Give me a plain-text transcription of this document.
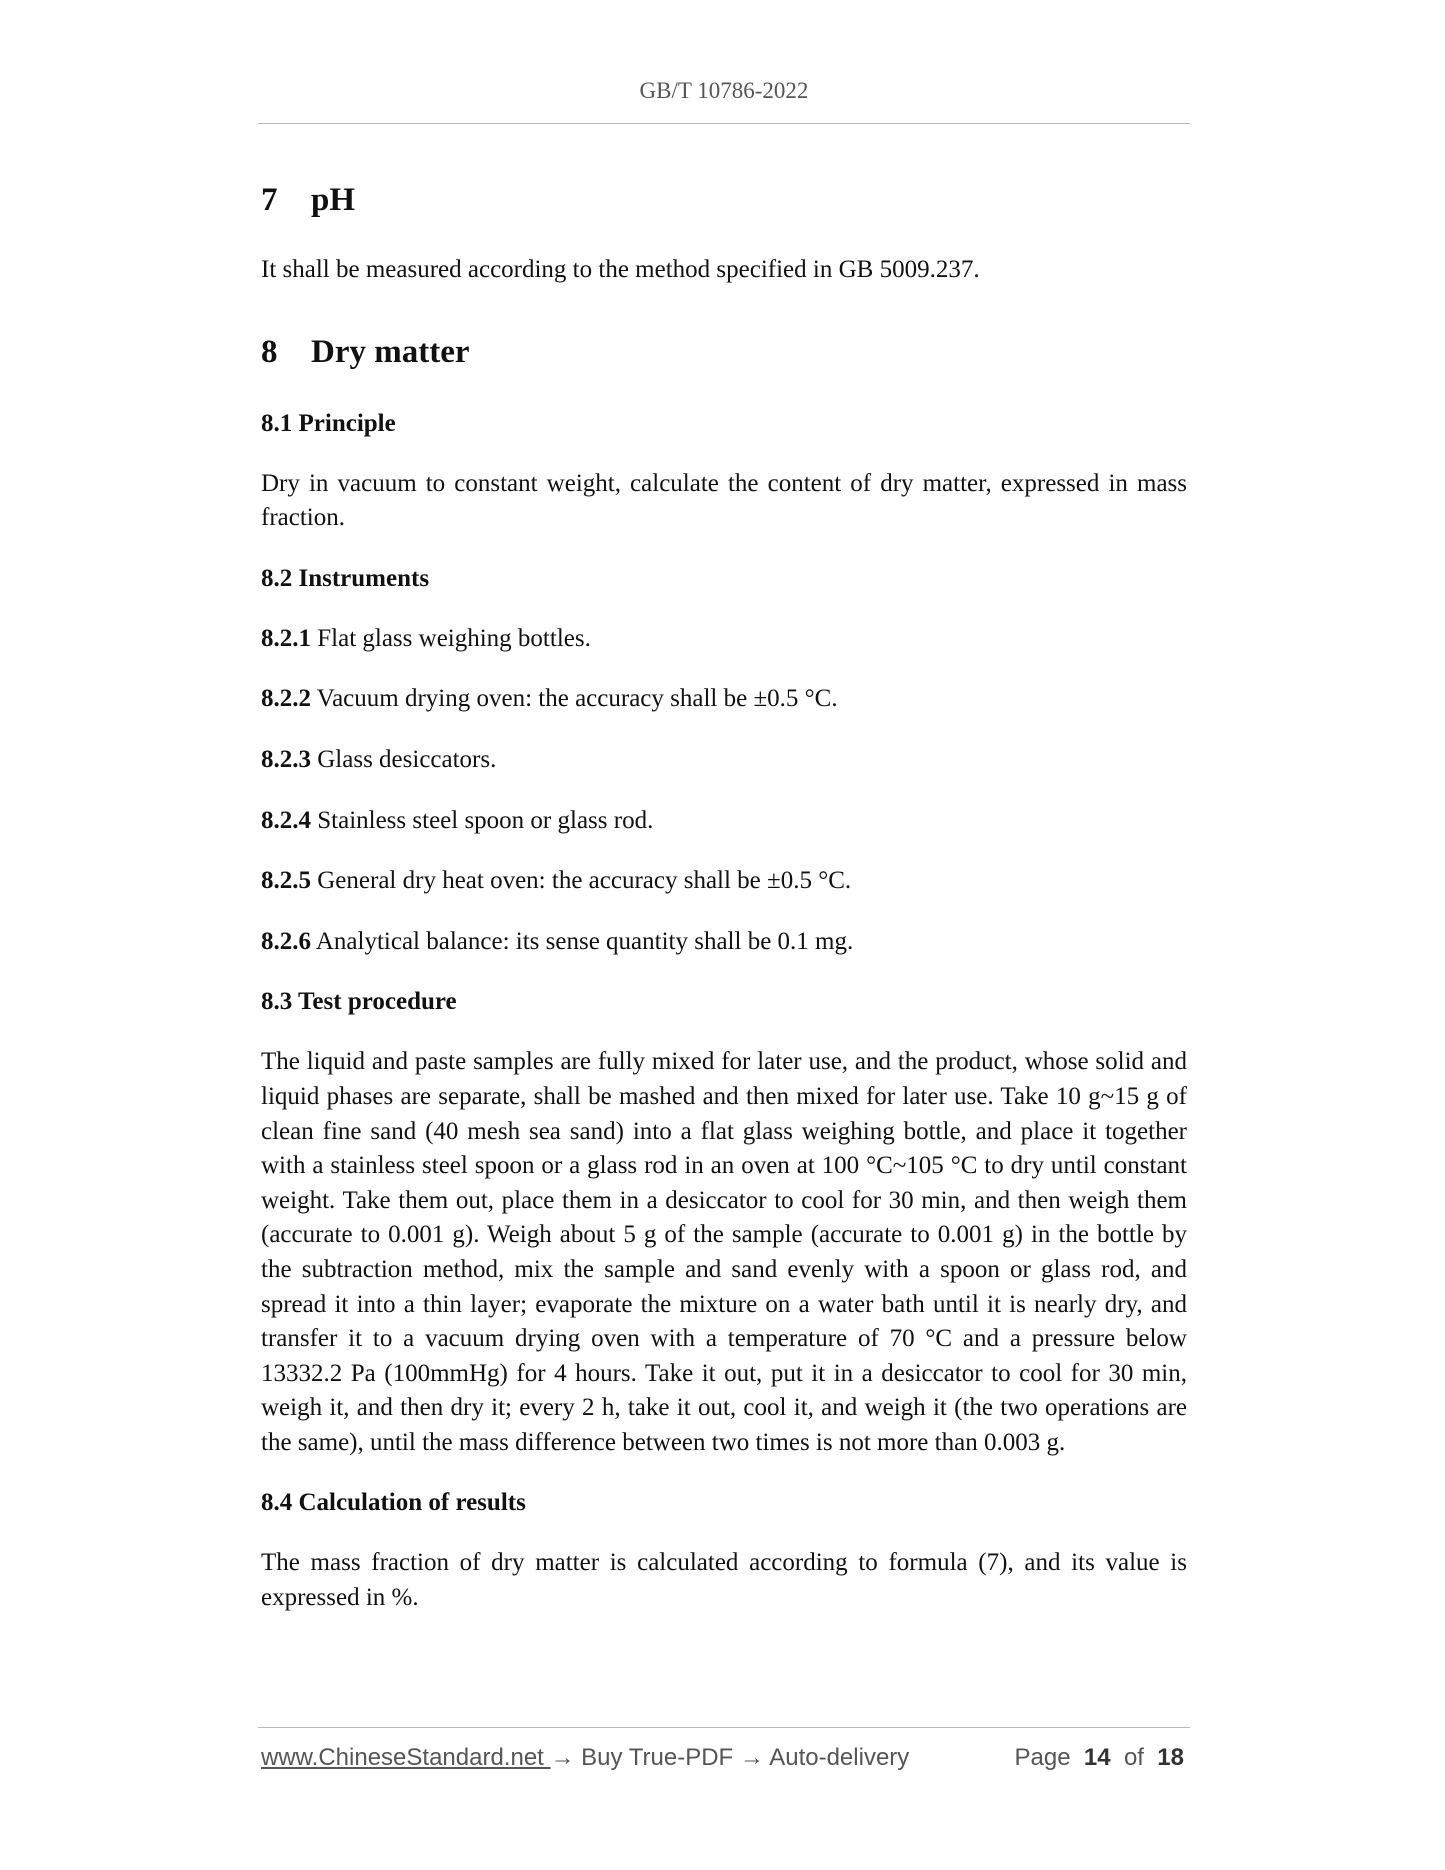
GB/T 10786-2022
7 pH

It shall be measured according to the method specified in GB 5009.237.

8 Dry matter
8.1 Principle

Dry in vacuum to constant weight, calculate the content of dry matter, expressed in mass fraction.

8.2 Instruments

8.2.1 Flat glass weighing bottles.

8.2.2 Vacuum drying oven: the accuracy shall be ±0.5 °C.

8.2.3 Glass desiccators.

8.2.4 Stainless steel spoon or glass rod.

8.2.5 General dry heat oven: the accuracy shall be ±0.5 °C.

8.2.6 Analytical balance: its sense quantity shall be 0.1 mg.

8.3 Test procedure

The liquid and paste samples are fully mixed for later use, and the product, whose solid and liquid phases are separate, shall be mashed and then mixed for later use. Take 10 g~15 g of clean fine sand (40 mesh sea sand) into a flat glass weighing bottle, and place it together with a stainless steel spoon or a glass rod in an oven at 100 °C~105 °C to dry until constant weight. Take them out, place them in a desiccator to cool for 30 min, and then weigh them (accurate to 0.001 g). Weigh about 5 g of the sample (accurate to 0.001 g) in the bottle by the subtraction method, mix the sample and sand evenly with a spoon or glass rod, and spread it into a thin layer; evaporate the mixture on a water bath until it is nearly dry, and transfer it to a vacuum drying oven with a temperature of 70 °C and a pressure below 13332.2 Pa (100mmHg) for 4 hours. Take it out, put it in a desiccator to cool for 30 min, weigh it, and then dry it; every 2 h, take it out, cool it, and weigh it (the two operations are the same), until the mass difference between two times is not more than 0.003 g.

8.4 Calculation of results

The mass fraction of dry matter is calculated according to formula (7), and its value is expressed in %.

www.ChineseStandard.net → Buy True-PDF → Auto-delivery	Page 14 of 18
